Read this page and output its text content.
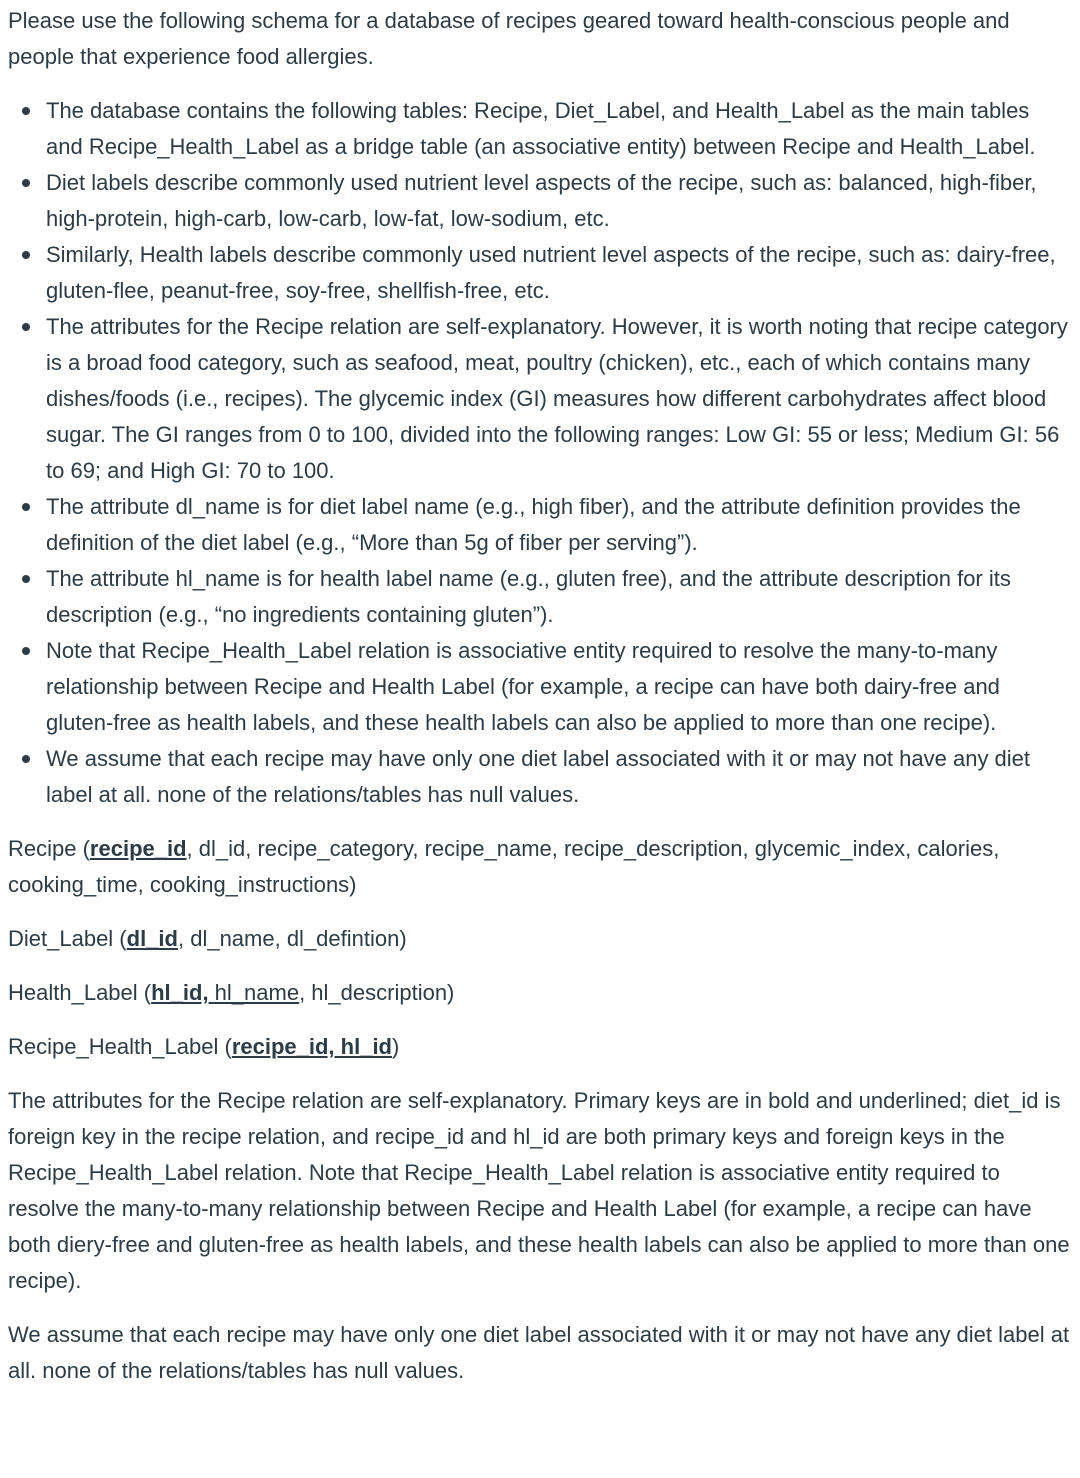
Please use the following schema for a database of recipes geared toward health-conscious people and people that experience food allergies.

The database contains the following tables: Recipe, Diet_Label, and Health_Label as the main tables and Recipe_Health_Label as a bridge table (an associative entity) between Recipe and Health_Label.
Diet labels describe commonly used nutrient level aspects of the recipe, such as: balanced, high-fiber, high-protein, high-carb, low-carb, low-fat, low-sodium, etc.
Similarly, Health labels describe commonly used nutrient level aspects of the recipe, such as: dairy-free, gluten-flee, peanut-free, soy-free, shellfish-free, etc.
The attributes for the Recipe relation are self-explanatory. However, it is worth noting that recipe category is a broad food category, such as seafood, meat, poultry (chicken), etc., each of which contains many dishes/foods (i.e., recipes). The glycemic index (GI) measures how different carbohydrates affect blood sugar. The GI ranges from 0 to 100, divided into the following ranges: Low GI: 55 or less; Medium GI: 56 to 69; and High GI: 70 to 100.
The attribute dl_name is for diet label name (e.g., high fiber), and the attribute definition provides the definition of the diet label (e.g., “More than 5g of fiber per serving”).
The attribute hl_name is for health label name (e.g., gluten free), and the attribute description for its description (e.g., “no ingredients containing gluten”).
Note that Recipe_Health_Label relation is associative entity required to resolve the many-to-many relationship between Recipe and Health Label (for example, a recipe can have both dairy-free and gluten-free as health labels, and these health labels can also be applied to more than one recipe).
We assume that each recipe may have only one diet label associated with it or may not have any diet label at all. none of the relations/tables has null values.

Recipe (recipe_id, dl_id, recipe_category, recipe_name, recipe_description, glycemic_index, calories, cooking_time, cooking_instructions)

Diet_Label (dl_id, dl_name, dl_defintion)

Health_Label (hl_id, hl_name, hl_description)

Recipe_Health_Label (recipe_id, hl_id)

The attributes for the Recipe relation are self-explanatory. Primary keys are in bold and underlined; diet_id is foreign key in the recipe relation, and recipe_id and hl_id are both primary keys and foreign keys in the Recipe_Health_Label relation. Note that Recipe_Health_Label relation is associative entity required to resolve the many-to-many relationship between Recipe and Health Label (for example, a recipe can have both diery-free and gluten-free as health labels, and these health labels can also be applied to more than one recipe).

We assume that each recipe may have only one diet label associated with it or may not have any diet label at all. none of the relations/tables has null values.
